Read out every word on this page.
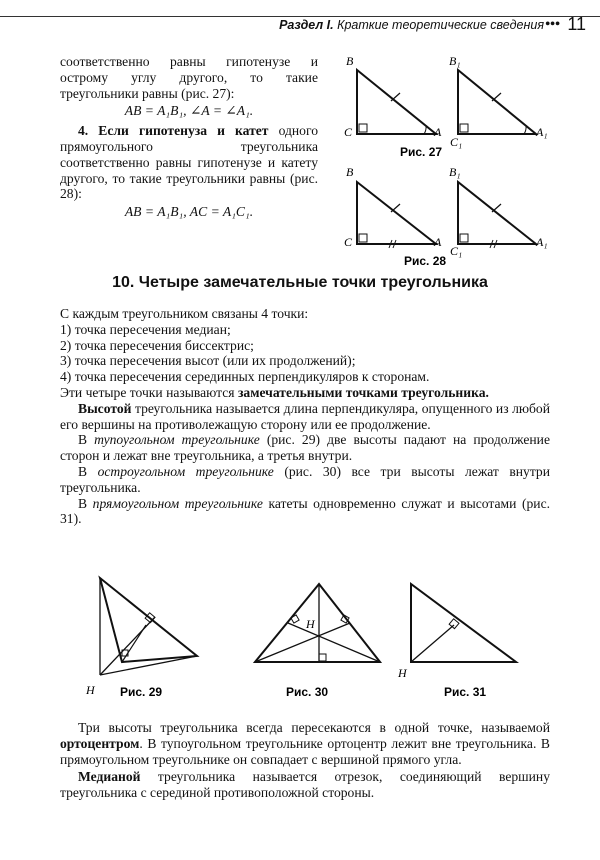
Раздел I. Краткие теоретические сведения ••• 11

соответственно равны гипотенузе и острому углу другого, то такие треугольники равны (рис. 27):

AB = A₁B₁, ∠A = ∠A₁.

4. Если гипотенуза и катет одного прямоугольного треугольника соответственно равны гипотенузе и катету другого, то такие треугольники равны (рис. 28):

AB = A₁B₁, AC = A₁C₁.

B
C	A
B₁
C₁
A₁
Рис. 27
B
C	A
B₁
C₁
A₁
Рис. 28
10. Четыре замечательные точки треугольника

С каждым треугольником связаны 4 точки:

1) точка пересечения медиан;

2) точка пересечения биссектрис;

3) точка пересечения высот (или их продолжений);

4) точка пересечения серединных перпендикуляров к сторонам.

Эти четыре точки называются замечательными точками треугольника.

Высотой треугольника называется длина перпендикуляра, опущенного из любой его вершины на противолежащую сторону или ее продолжение.

В тупоугольном треугольнике (рис. 29) две высоты падают на продолжение сторон и лежат вне треугольника, а третья внутри.

В остроугольном треугольнике (рис. 30) все три высоты лежат внутри треугольника.

В прямоугольном треугольнике катеты одновременно служат и высотами (рис. 31).

H
H
H
Рис. 29	Рис. 30	Рис. 31

Три высоты треугольника всегда пересекаются в одной точке, называемой ортоцентром. В тупоугольном треугольнике ортоцентр лежит вне треугольника. В прямоугольном треугольнике он совпадает с вершиной прямого угла.

Медианой треугольника называется отрезок, соединяющий вершину треугольника с серединой противоположной стороны.
